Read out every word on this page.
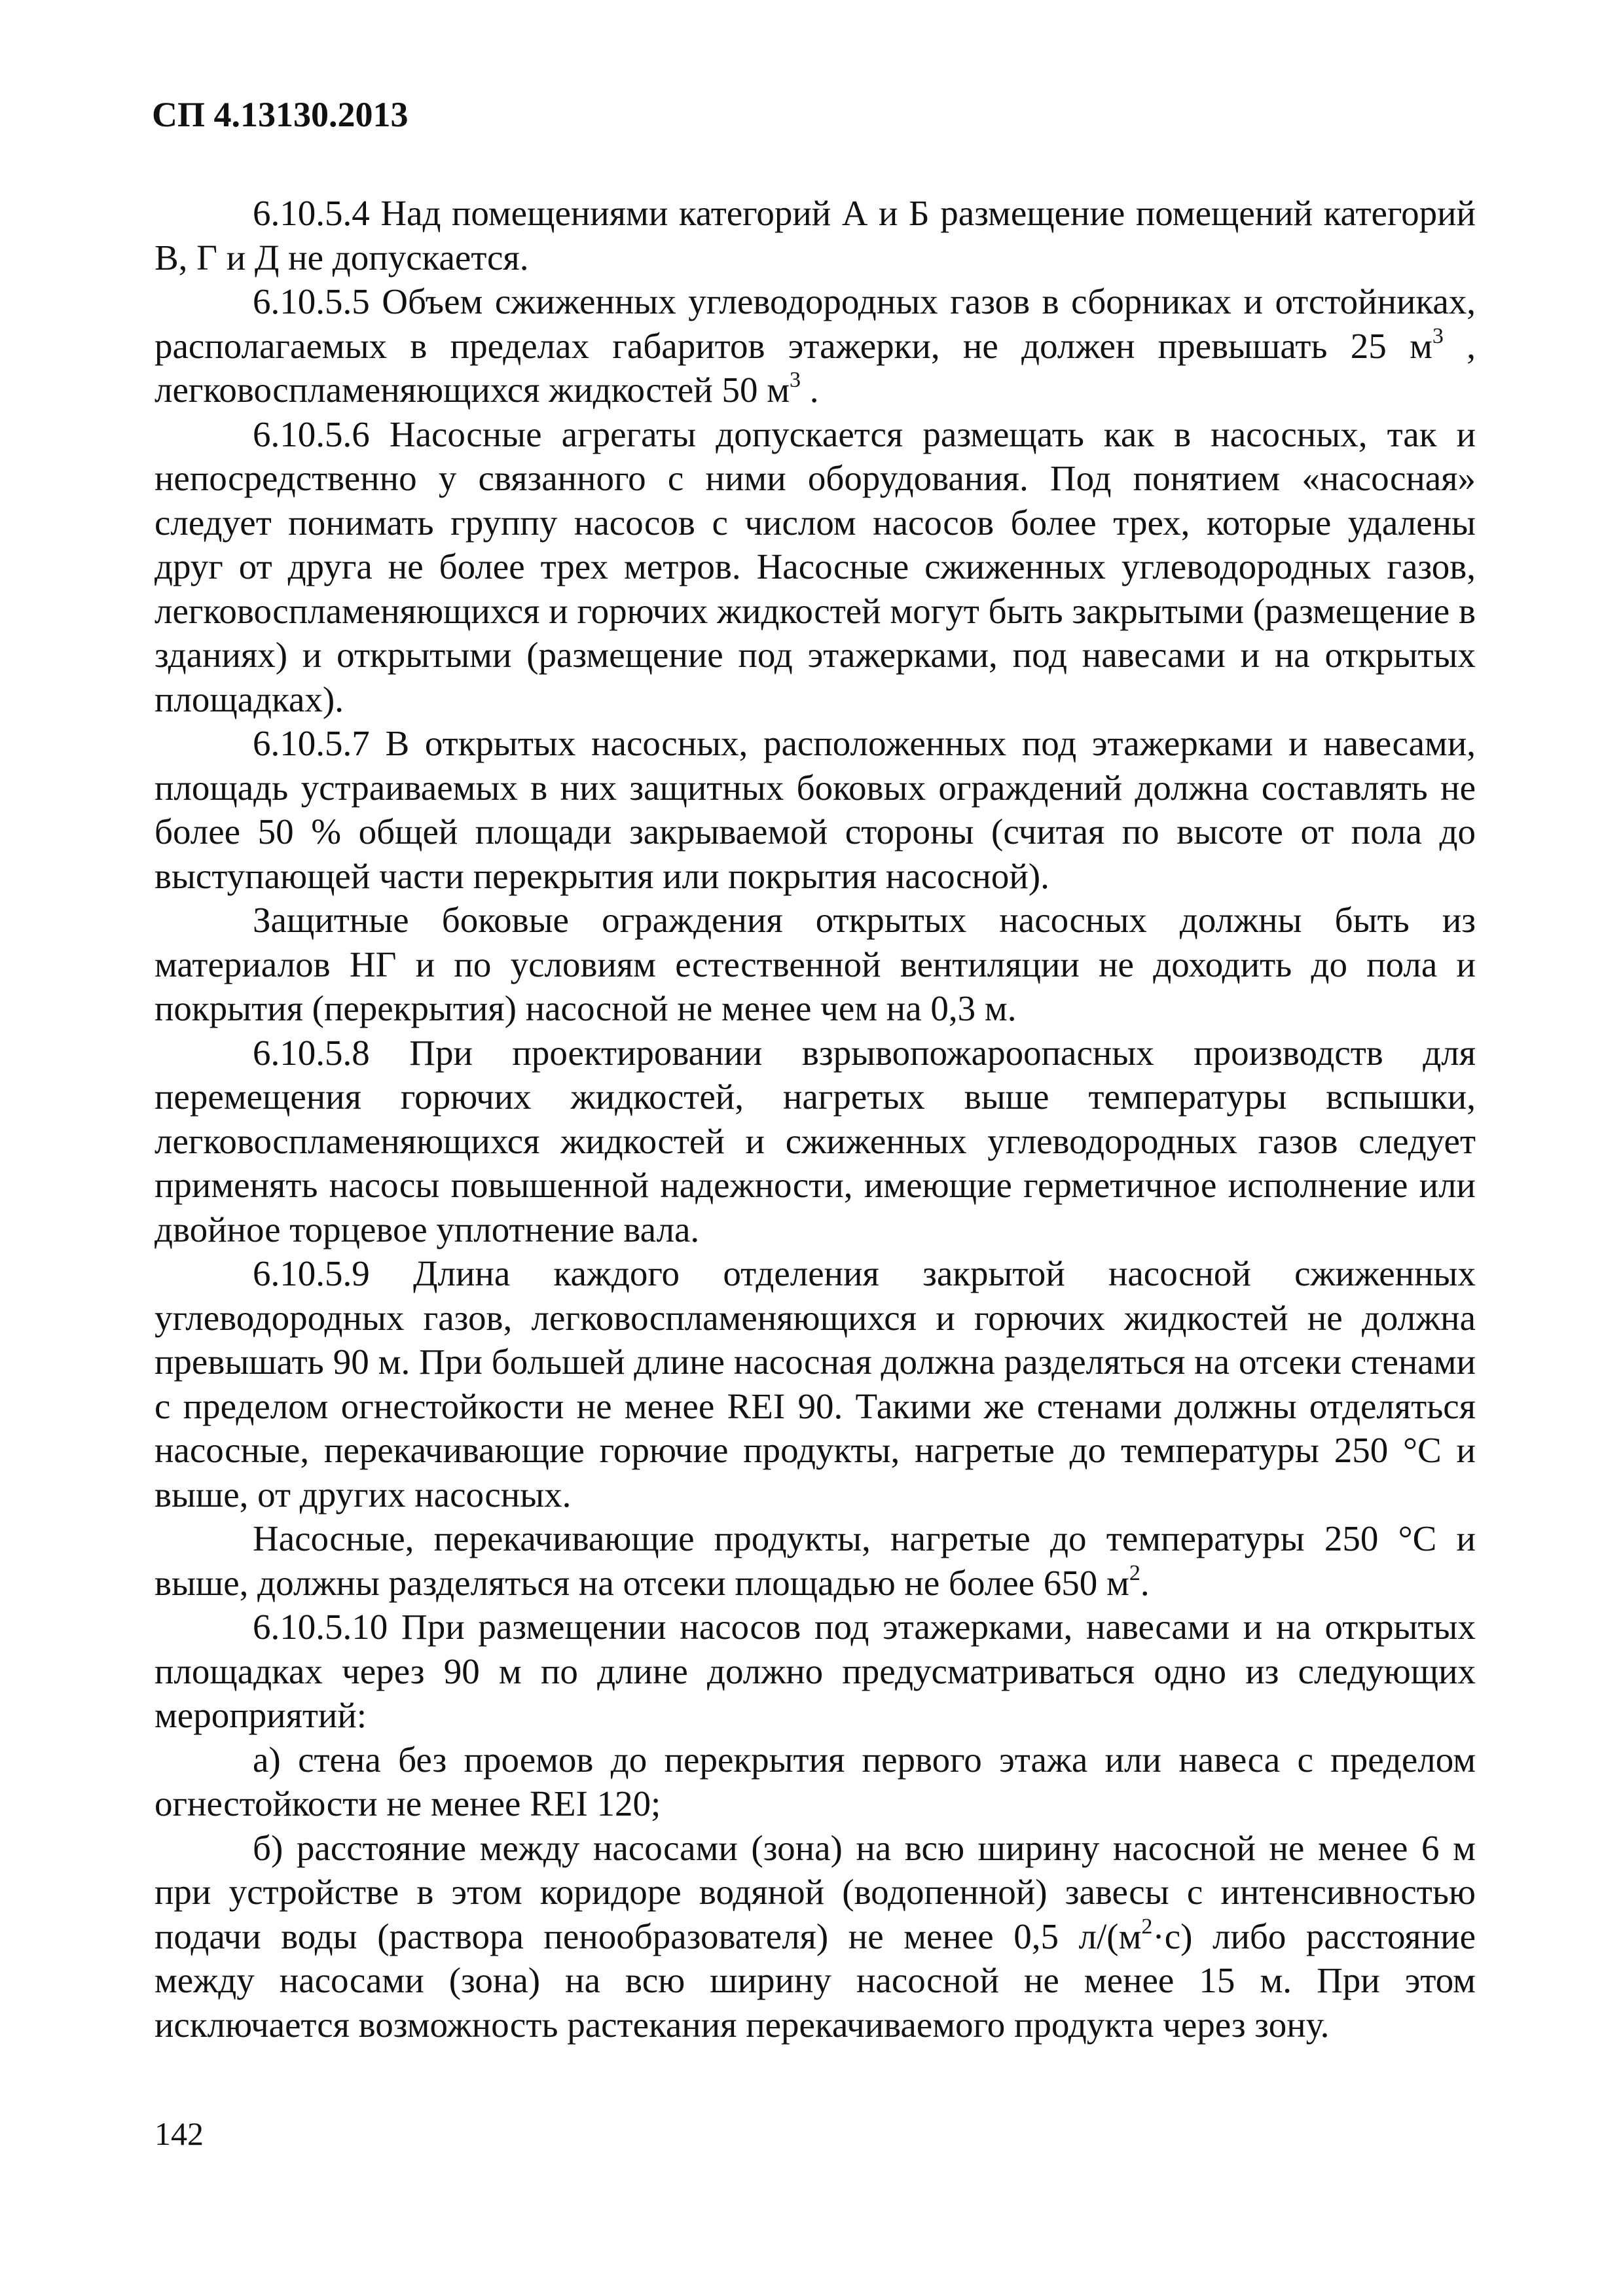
СП 4.13130.2013

6.10.5.4 Над помещениями категорий А и Б размещение помещений категорий В, Г и Д не допускается.

6.10.5.5 Объем сжиженных углеводородных газов в сборниках и отстойниках, располагаемых в пределах габаритов этажерки, не должен превышать 25 $м^3$ , легковоспламеняющихся жидкостей 50 $м^3$ .

6.10.5.6 Насосные агрегаты допускается размещать как в насосных, так и непосредственно у связанного с ними оборудования. Под понятием «насосная» следует понимать группу насосов с числом насосов более трех, которые удалены друг от друга не более трех метров. Насосные сжиженных углеводородных газов, легковоспламеняющихся и горючих жидкостей могут быть закрытыми (размещение в зданиях) и открытыми (размещение под этажерками, под навесами и на открытых площадках).

6.10.5.7 В открытых насосных, расположенных под этажерками и навесами, площадь устраиваемых в них защитных боковых ограждений должна составлять не более 50 % общей площади закрываемой стороны (считая по высоте от пола до выступающей части перекрытия или покрытия насосной).

Защитные боковые ограждения открытых насосных должны быть из материалов НГ и по условиям естественной вентиляции не доходить до пола и покрытия (перекрытия) насосной не менее чем на 0,3 м.

6.10.5.8 При проектировании взрывопожароопасных производств для перемещения горючих жидкостей, нагретых выше температуры вспышки, легковоспламеняющихся жидкостей и сжиженных углеводородных газов следует применять насосы повышенной надежности, имеющие герметичное исполнение или двойное торцевое уплотнение вала.

6.10.5.9 Длина каждого отделения закрытой насосной сжиженных углеводородных газов, легковоспламеняющихся и горючих жидкостей не должна превышать 90 м. При большей длине насосная должна разделяться на отсеки стенами с пределом огнестойкости не менее REI 90. Такими же стенами должны отделяться насосные, перекачивающие горючие продукты, нагретые до температуры 250 °С и выше, от других насосных.

Насосные, перекачивающие продукты, нагретые до температуры 250 °С и выше, должны разделяться на отсеки площадью не более 650 $м^2$.

6.10.5.10 При размещении насосов под этажерками, навесами и на открытых площадках через 90 м по длине должно предусматриваться одно из следующих мероприятий:

а) стена без проемов до перекрытия первого этажа или навеса с пределом огнестойкости не менее REI 120;

б) расстояние между насосами (зона) на всю ширину насосной не менее 6 м при устройстве в этом коридоре водяной (водопенной) завесы с интенсивностью подачи воды (раствора пенообразователя) не менее 0,5 $л/(м^2\cdot с)$ либо расстояние между насосами (зона) на всю ширину насосной не менее 15 м. При этом исключается возможность растекания перекачиваемого продукта через зону.

142
